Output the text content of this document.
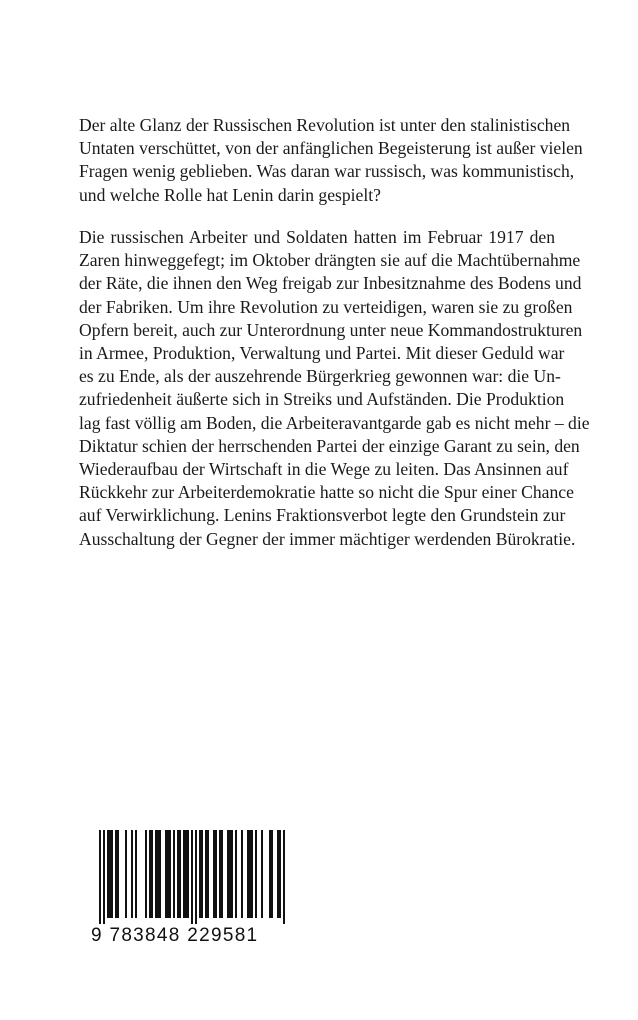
Der alte Glanz der Russischen Revolution ist unter den stalinistischen
Untaten verschüttet, von der anfänglichen Begeisterung ist außer vielen
Fragen wenig geblieben. Was daran war russisch, was kommunistisch,
und welche Rolle hat Lenin darin gespielt?
Die russischen Arbeiter und Soldaten hatten im Februar 1917 den
Zaren hinweggefegt; im Oktober drängten sie auf die Machtübernahme
der Räte, die ihnen den Weg freigab zur Inbesitznahme des Bodens und
der Fabriken. Um ihre Revolution zu verteidigen, waren sie zu großen
Opfern bereit, auch zur Unterordnung unter neue Kommandostrukturen
in Armee, Produktion, Verwaltung und Partei. Mit dieser Geduld war
es zu Ende, als der auszehrende Bürgerkrieg gewonnen war: die Un-
zufriedenheit äußerte sich in Streiks und Aufständen. Die Produktion
lag fast völlig am Boden, die Arbeiteravantgarde gab es nicht mehr – die
Diktatur schien der herrschenden Partei der einzige Garant zu sein, den
Wiederaufbau der Wirtschaft in die Wege zu leiten. Das Ansinnen auf
Rückkehr zur Arbeiterdemokratie hatte so nicht die Spur einer Chance
auf Verwirklichung. Lenins Fraktionsverbot legte den Grundstein zur
Ausschaltung der Gegner der immer mächtiger werdenden Bürokratie.
9 783848 229581
